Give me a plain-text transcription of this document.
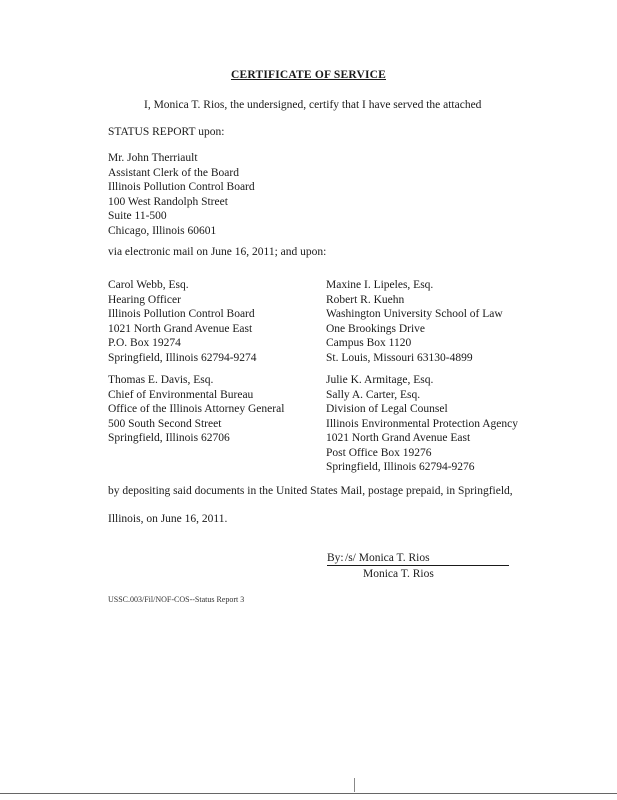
CERTIFICATE OF SERVICE
I, Monica T. Rios, the undersigned, certify that I have served the attached
STATUS REPORT upon:
Mr. John Therriault
Assistant Clerk of the Board
Illinois Pollution Control Board
100 West Randolph Street
Suite 11-500
Chicago, Illinois 60601
via electronic mail on June 16, 2011; and upon:
Carol Webb, Esq.
Hearing Officer
Illinois Pollution Control Board
1021 North Grand Avenue East
P.O. Box 19274
Springfield, Illinois 62794-9274
Maxine I. Lipeles, Esq.
Robert R. Kuehn
Washington University School of Law
One Brookings Drive
Campus Box 1120
St. Louis, Missouri 63130-4899
Thomas E. Davis, Esq.
Chief of Environmental Bureau
Office of the Illinois Attorney General
500 South Second Street
Springfield, Illinois 62706
Julie K. Armitage, Esq.
Sally A. Carter, Esq.
Division of Legal Counsel
Illinois Environmental Protection Agency
1021 North Grand Avenue East
Post Office Box 19276
Springfield, Illinois 62794-9276
by depositing said documents in the United States Mail, postage prepaid, in Springfield,
Illinois, on June 16, 2011.
By: /s/ Monica T. Rios
Monica T. Rios
USSC.003/Fil/NOF-COS--Status Report 3
